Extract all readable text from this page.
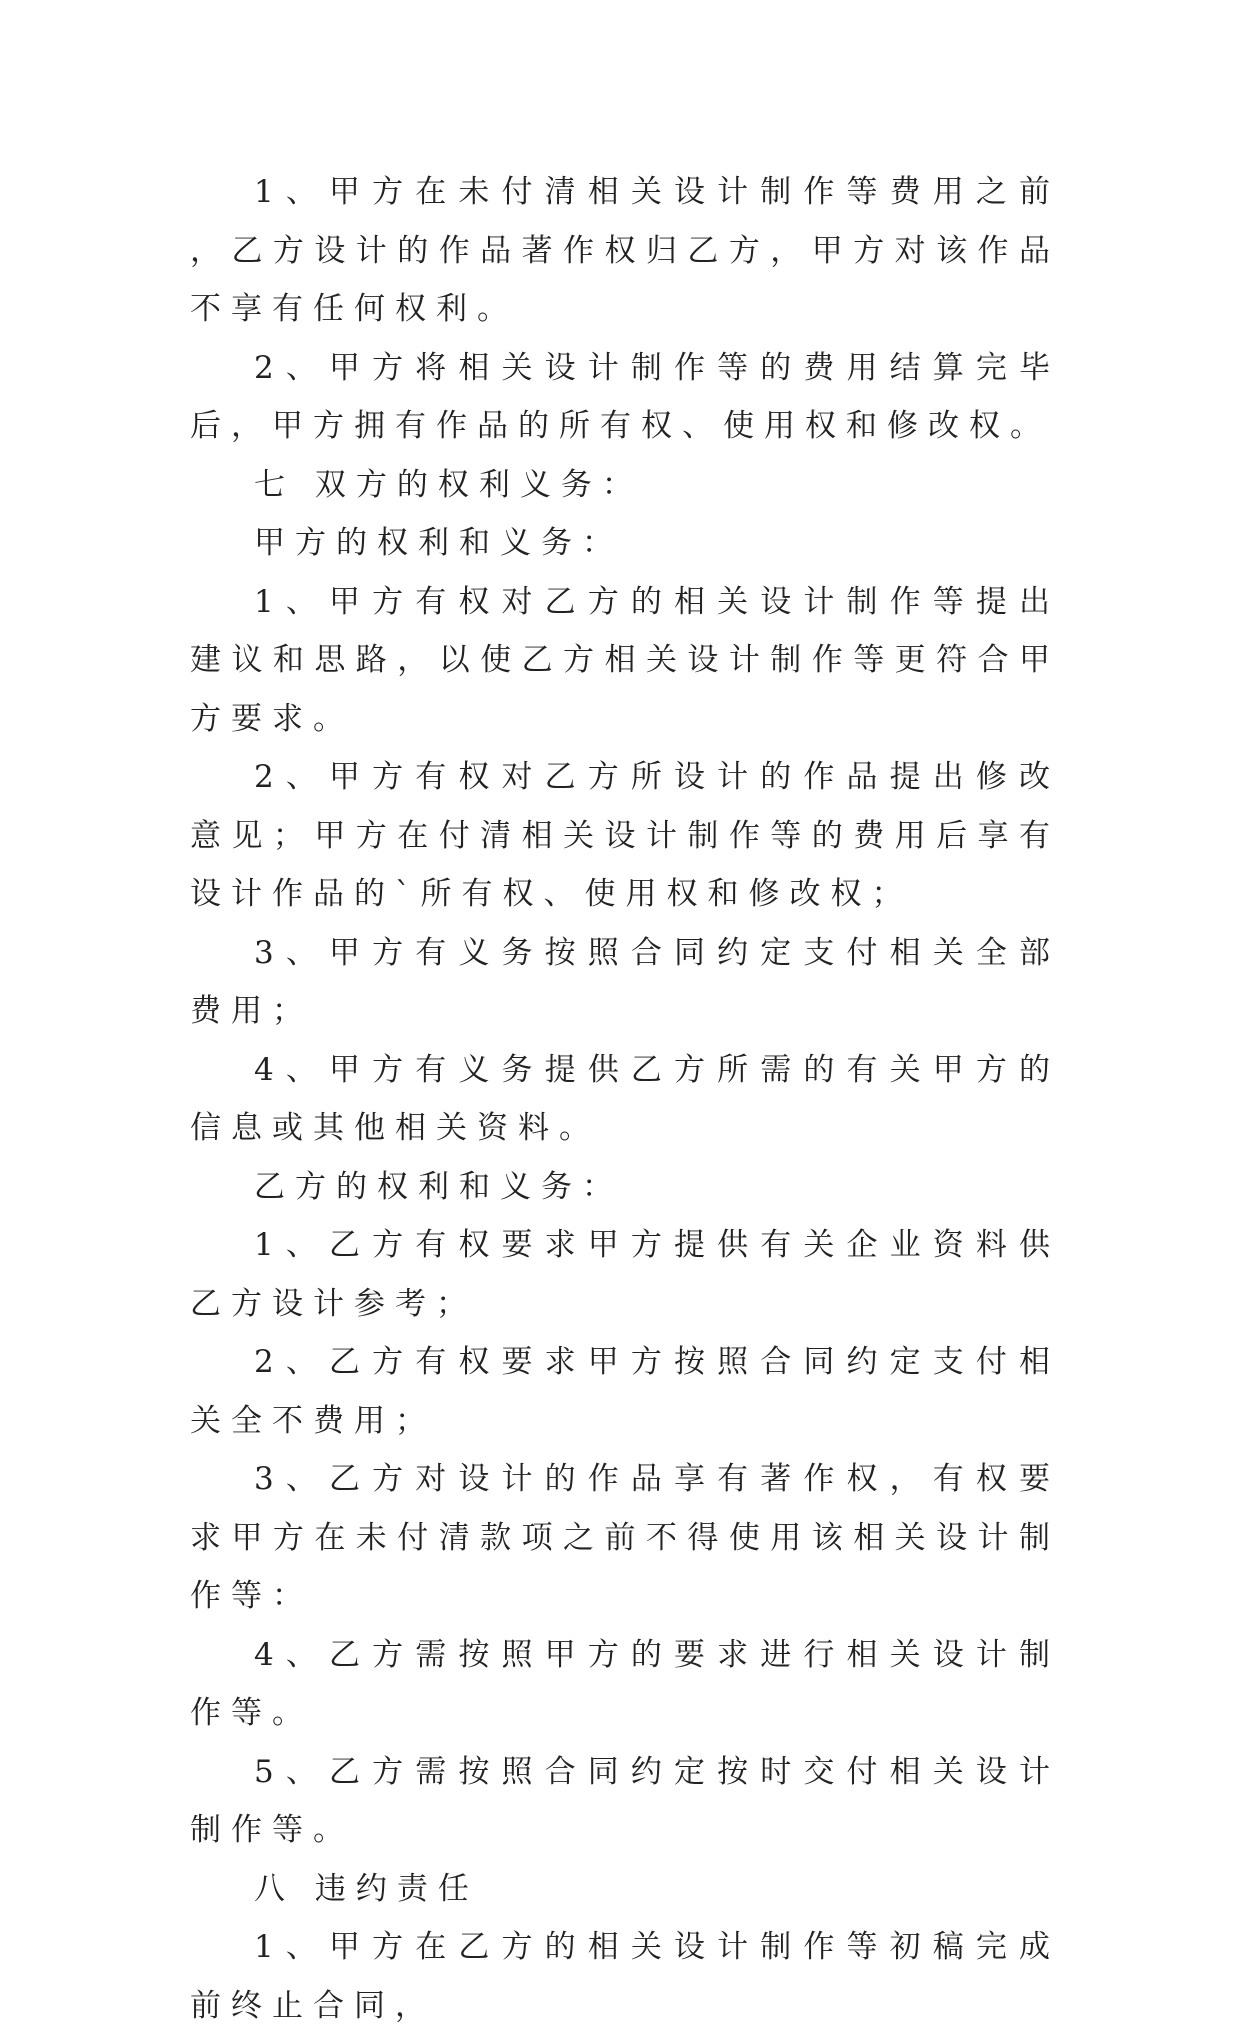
1、甲方在未付清相关设计制作等费用之前，乙方设计的作品著作权归乙方，甲方对该作品不享有任何权利。

2、甲方将相关设计制作等的费用结算完毕后，甲方拥有作品的所有权、使用权和修改权。

七 双方的权利义务：

甲方的权利和义务：

1、甲方有权对乙方的相关设计制作等提出建议和思路，以使乙方相关设计制作等更符合甲方要求。

2、甲方有权对乙方所设计的作品提出修改意见；甲方在付清相关设计制作等的费用后享有设计作品的`所有权、使用权和修改权；

3、甲方有义务按照合同约定支付相关全部费用；

4、甲方有义务提供乙方所需的有关甲方的信息或其他相关资料。

乙方的权利和义务：

1、乙方有权要求甲方提供有关企业资料供乙方设计参考；

2、乙方有权要求甲方按照合同约定支付相关全不费用；

3、乙方对设计的作品享有著作权，有权要求甲方在未付清款项之前不得使用该相关设计制作等：

4、乙方需按照甲方的要求进行相关设计制作等。

5、乙方需按照合同约定按时交付相关设计制作等。

八 违约责任

1、甲方在乙方的相关设计制作等初稿完成前终止合同，
